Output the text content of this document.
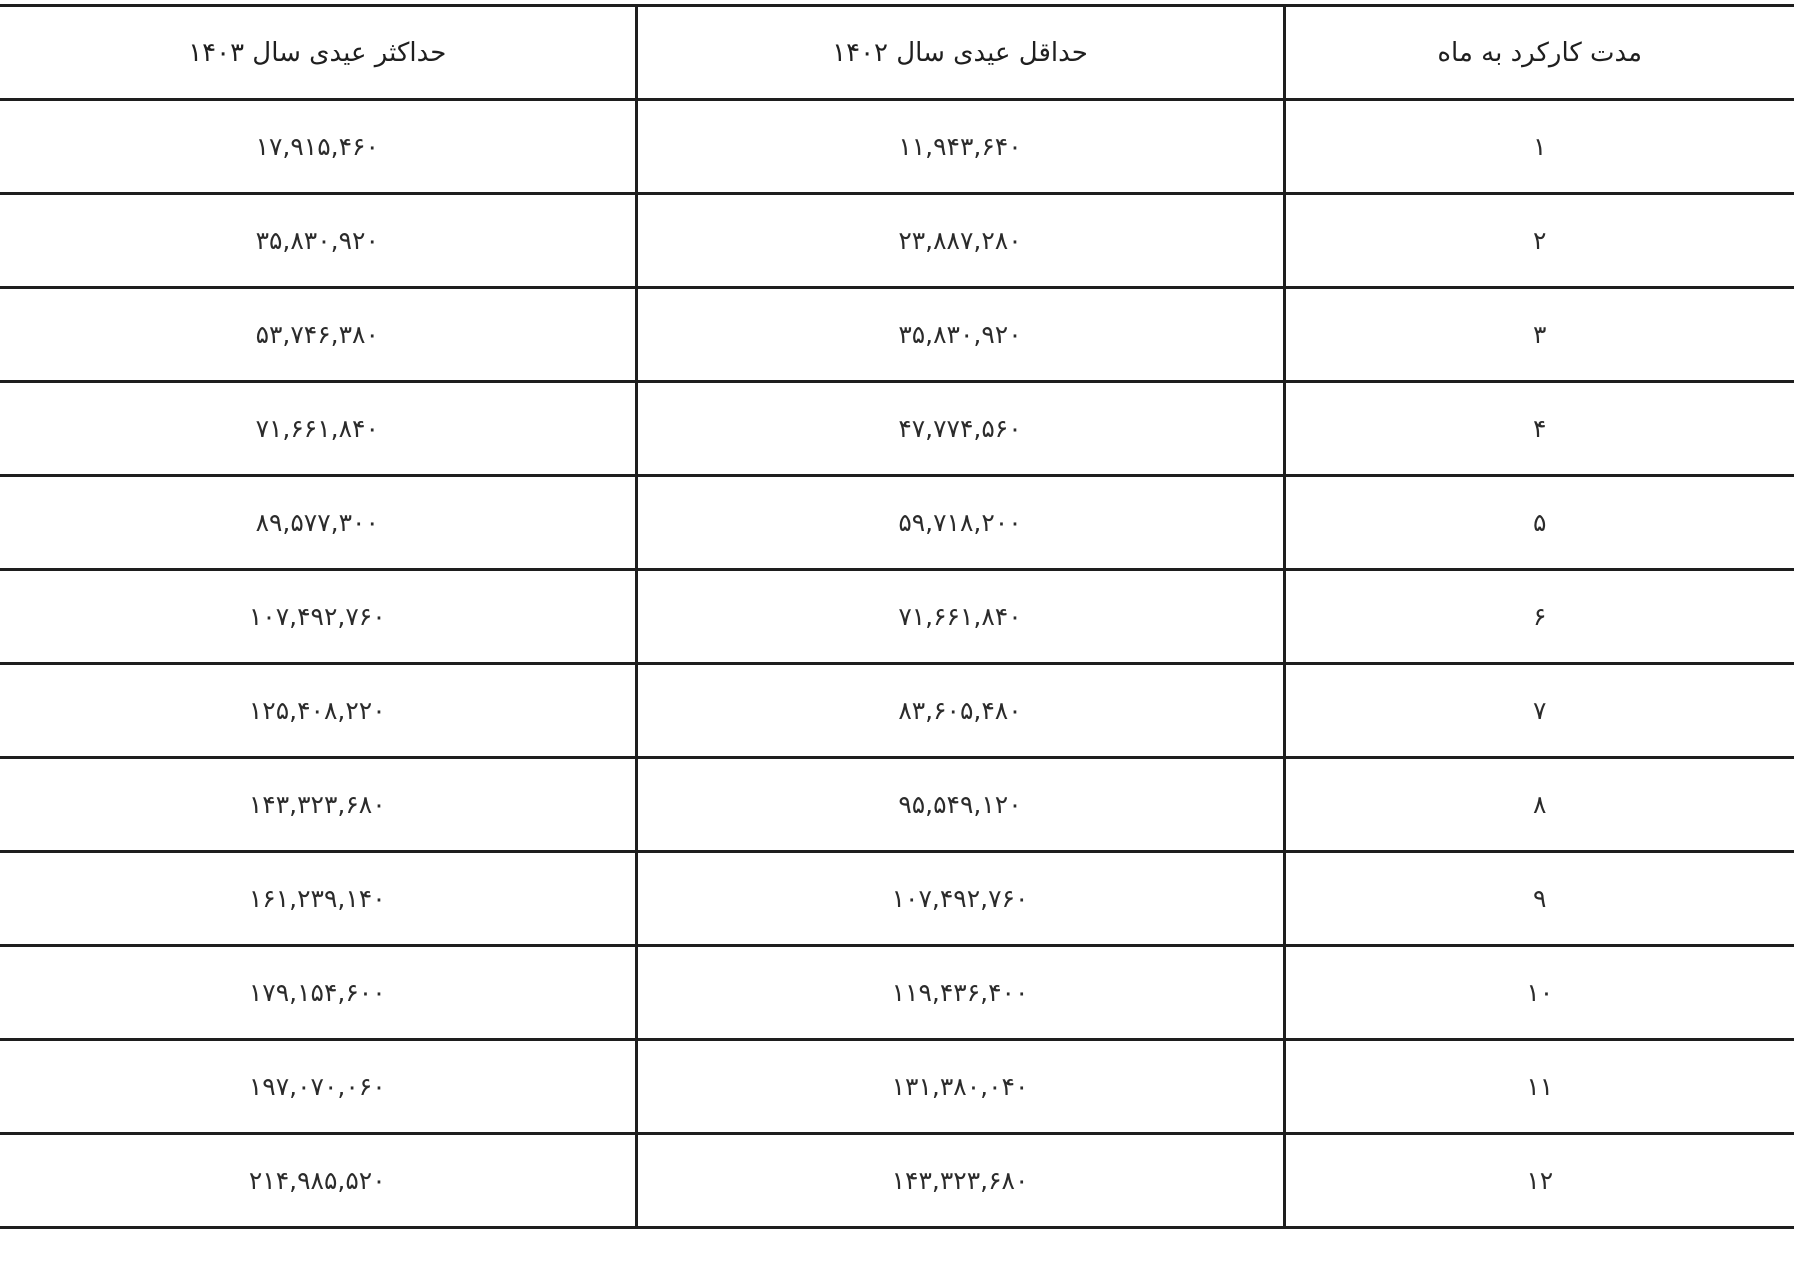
مدت کارکرد به ماه	حداقل عیدی سال ۱۴۰۲	حداکثر عیدی سال ۱۴۰۳
۱	۱۱,۹۴۳,۶۴۰	۱۷,۹۱۵,۴۶۰
۲	۲۳,۸۸۷,۲۸۰	۳۵,۸۳۰,۹۲۰
۳	۳۵,۸۳۰,۹۲۰	۵۳,۷۴۶,۳۸۰
۴	۴۷,۷۷۴,۵۶۰	۷۱,۶۶۱,۸۴۰
۵	۵۹,۷۱۸,۲۰۰	۸۹,۵۷۷,۳۰۰
۶	۷۱,۶۶۱,۸۴۰	۱۰۷,۴۹۲,۷۶۰
۷	۸۳,۶۰۵,۴۸۰	۱۲۵,۴۰۸,۲۲۰
۸	۹۵,۵۴۹,۱۲۰	۱۴۳,۳۲۳,۶۸۰
۹	۱۰۷,۴۹۲,۷۶۰	۱۶۱,۲۳۹,۱۴۰
۱۰	۱۱۹,۴۳۶,۴۰۰	۱۷۹,۱۵۴,۶۰۰
۱۱	۱۳۱,۳۸۰,۰۴۰	۱۹۷,۰۷۰,۰۶۰
۱۲	۱۴۳,۳۲۳,۶۸۰	۲۱۴,۹۸۵,۵۲۰
